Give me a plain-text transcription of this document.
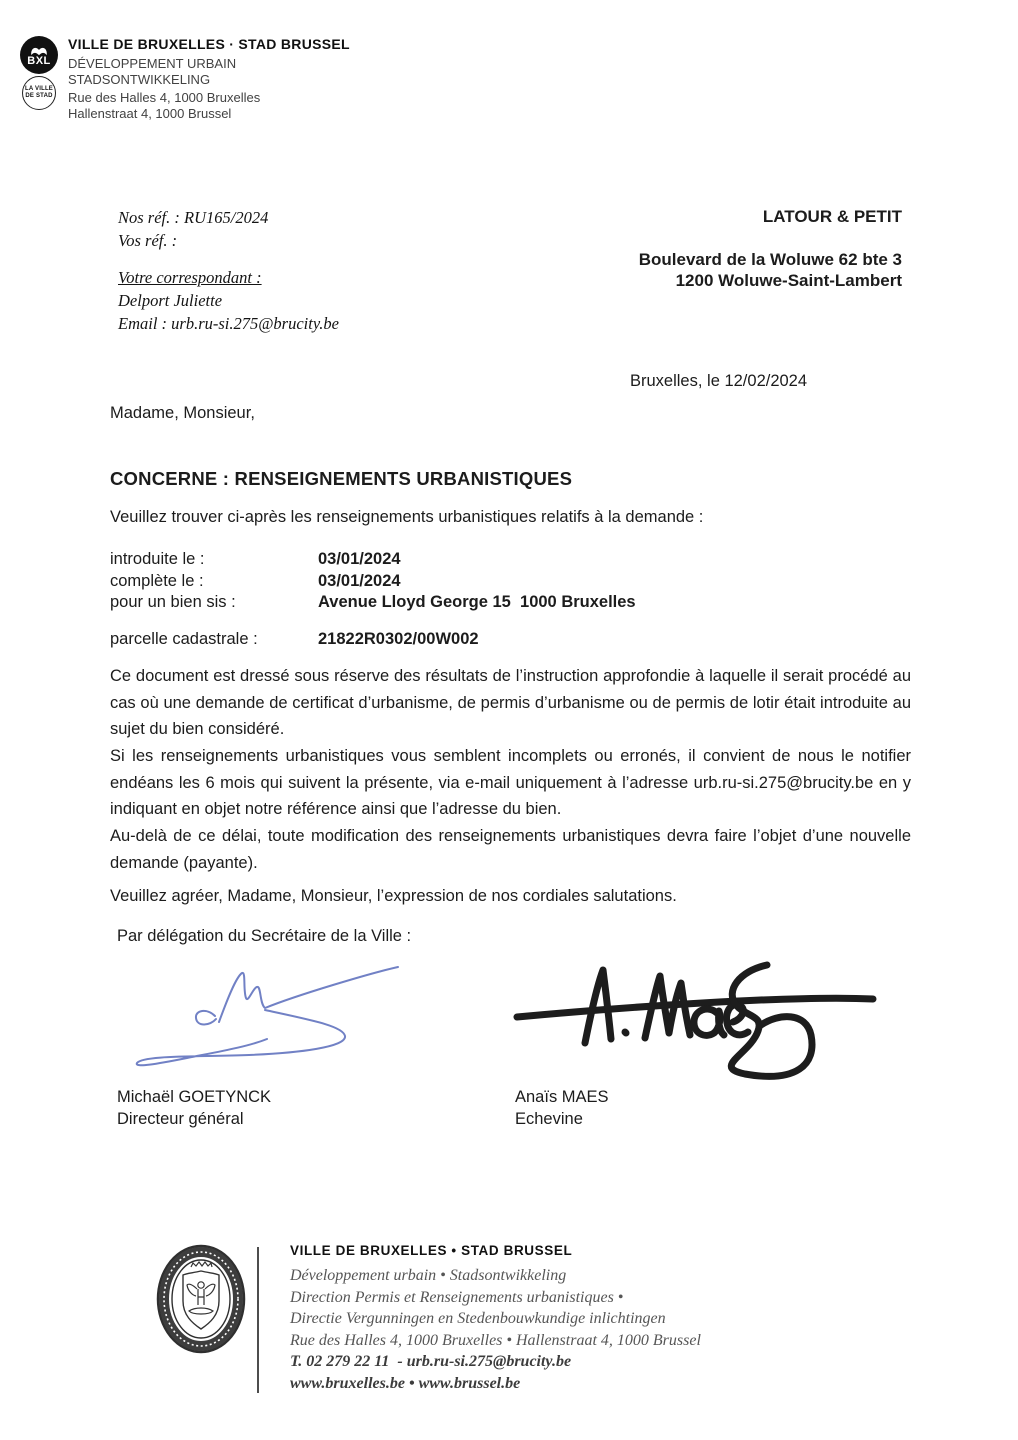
BXL
LA VILLE
DE STAD
VILLE DE BRUXELLES · STAD BRUSSEL
DÉVELOPPEMENT URBAIN
STADSONTWIKKELING
Rue des Halles 4, 1000 Bruxelles
Hallenstraat 4, 1000 Brussel
Nos réf. : RU165/2024
Vos réf. :
Votre correspondant :
Delport Juliette
Email : urb.ru-si.275@brucity.be
LATOUR & PETIT
Boulevard de la Woluwe 62 bte 3
1200 Woluwe-Saint-Lambert
Bruxelles, le 12/02/2024
Madame, Monsieur,
CONCERNE : RENSEIGNEMENTS URBANISTIQUES
Veuillez trouver ci-après les renseignements urbanistiques relatifs à la demande :
introduite le :	03/01/2024
complète le :	03/01/2024
pour un bien sis :	Avenue Lloyd George 15  1000 Bruxelles
parcelle cadastrale :	21822R0302/00W002
Ce document est dressé sous réserve des résultats de l’instruction approfondie à laquelle il serait procédé au cas où une demande de certificat d’urbanisme, de permis d’urbanisme ou de permis de lotir était introduite au sujet du bien considéré.
Si les renseignements urbanistiques vous semblent incomplets ou erronés, il convient de nous le notifier endéans les 6 mois qui suivent la présente, via e-mail uniquement à l’adresse urb.ru-si.275@brucity.be en y indiquant en objet notre référence ainsi que l’adresse du bien.
Au-delà de ce délai, toute modification des renseignements urbanistiques devra faire l’objet d’une nouvelle demande (payante).
Veuillez agréer, Madame, Monsieur, l’expression de nos cordiales salutations.
Par délégation du Secrétaire de la Ville :
Michaël GOETYNCK
Directeur général
Anaïs MAES
Echevine
VILLE DE BRUXELLES • STAD BRUSSEL
Développement urbain • Stadsontwikkeling
Direction Permis et Renseignements urbanistiques •
Directie Vergunningen en Stedenbouwkundige inlichtingen
Rue des Halles 4, 1000 Bruxelles • Hallenstraat 4, 1000 Brussel
T. 02 279 22 11  - urb.ru-si.275@brucity.be
www.bruxelles.be • www.brussel.be
